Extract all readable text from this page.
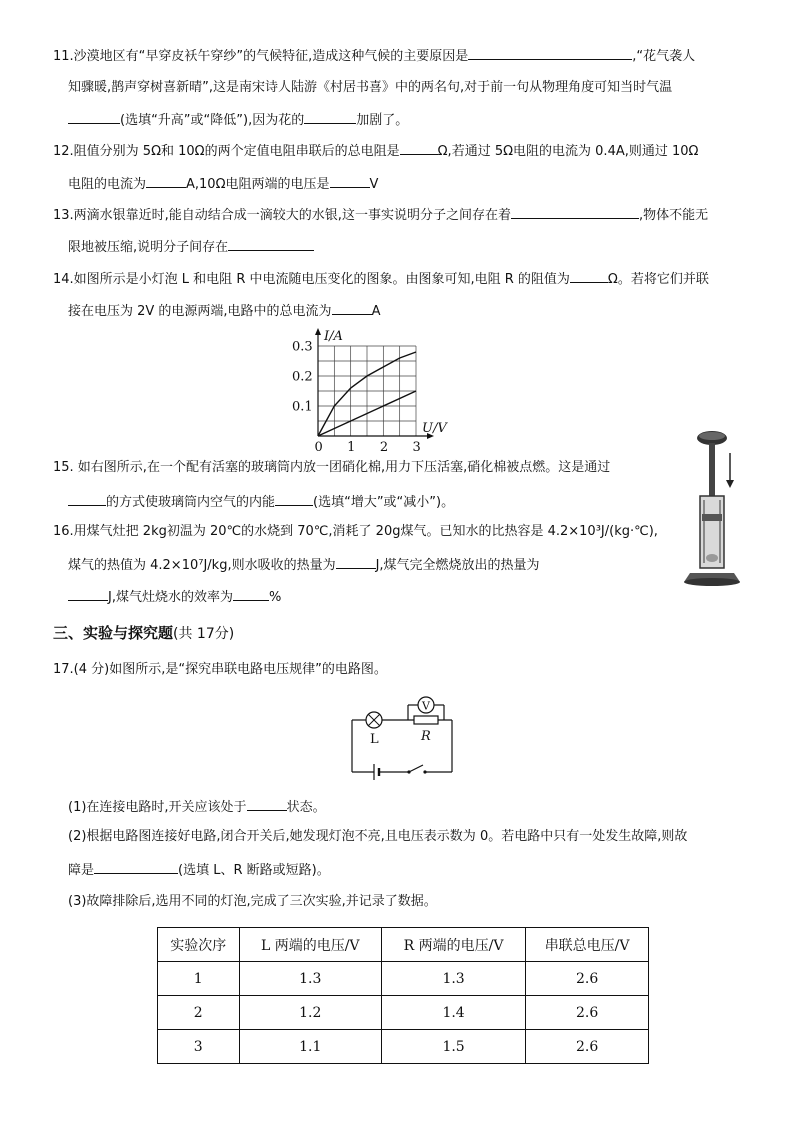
11.沙漠地区有“早穿皮袄午穿纱”的气候特征,造成这种气候的主要原因是	,“花气袭人
知骤暖,鹊声穿树喜新晴”,这是南宋诗人陆游《村居书喜》中的两名句,对于前一句从物理角度可知当时气温
(选填“升高”或“降低”),因为花的	加剧了。
12.阻值分别为 5Ω和 10Ω的两个定值电阻串联后的总电阻是	Ω,若通过 5Ω电阻的电流为 0.4A,则通过 10Ω
电阻的电流为	A,10Ω电阻两端的电压是	V
13.两滴水银靠近时,能自动结合成一滴较大的水银,这一事实说明分子之间存在着	,物体不能无
限地被压缩,说明分子间存在
14.如图所示是小灯泡 L 和电阻 R 中电流随电压变化的图象。由图象可知,电阻 R 的阻值为	Ω。若将它们并联
接在电压为 2V 的电源两端,电路中的总电流为	A
0 1 2 3
0.1
0.2
0.3
U/V
I/A
15. 如右图所示,在一个配有活塞的玻璃筒内放一团硝化棉,用力下压活塞,硝化棉被点燃。这是通过
的方式使玻璃筒内空气的内能	(选填“增大”或“减小”)。
16.用煤气灶把 2kg初温为 20℃的水烧到 70℃,消耗了 20g煤气。已知水的比热容是 4.2×10³J/(kg·℃),
煤气的热值为 4.2×10⁷J/kg,则水吸收的热量为	J,煤气完全燃烧放出的热量为
J,煤气灶烧水的效率为	%
三、实验与探究题(共 17分)
17.(4 分)如图所示,是“探究串联电路电压规律”的电路图。
L	R
V
(1)在连接电路时,开关应该处于	状态。
(2)根据电路图连接好电路,闭合开关后,她发现灯泡不亮,且电压表示数为 0。若电路中只有一处发生故障,则故
障是	(选填 L、R 断路或短路)。
(3)故障排除后,选用不同的灯泡,完成了三次实验,并记录了数据。
实验次序	L 两端的电压/V	R 两端的电压/V	串联总电压/V
1	1.3	1.3	2.6
2	1.2	1.4	2.6
3	1.1	1.5	2.6
